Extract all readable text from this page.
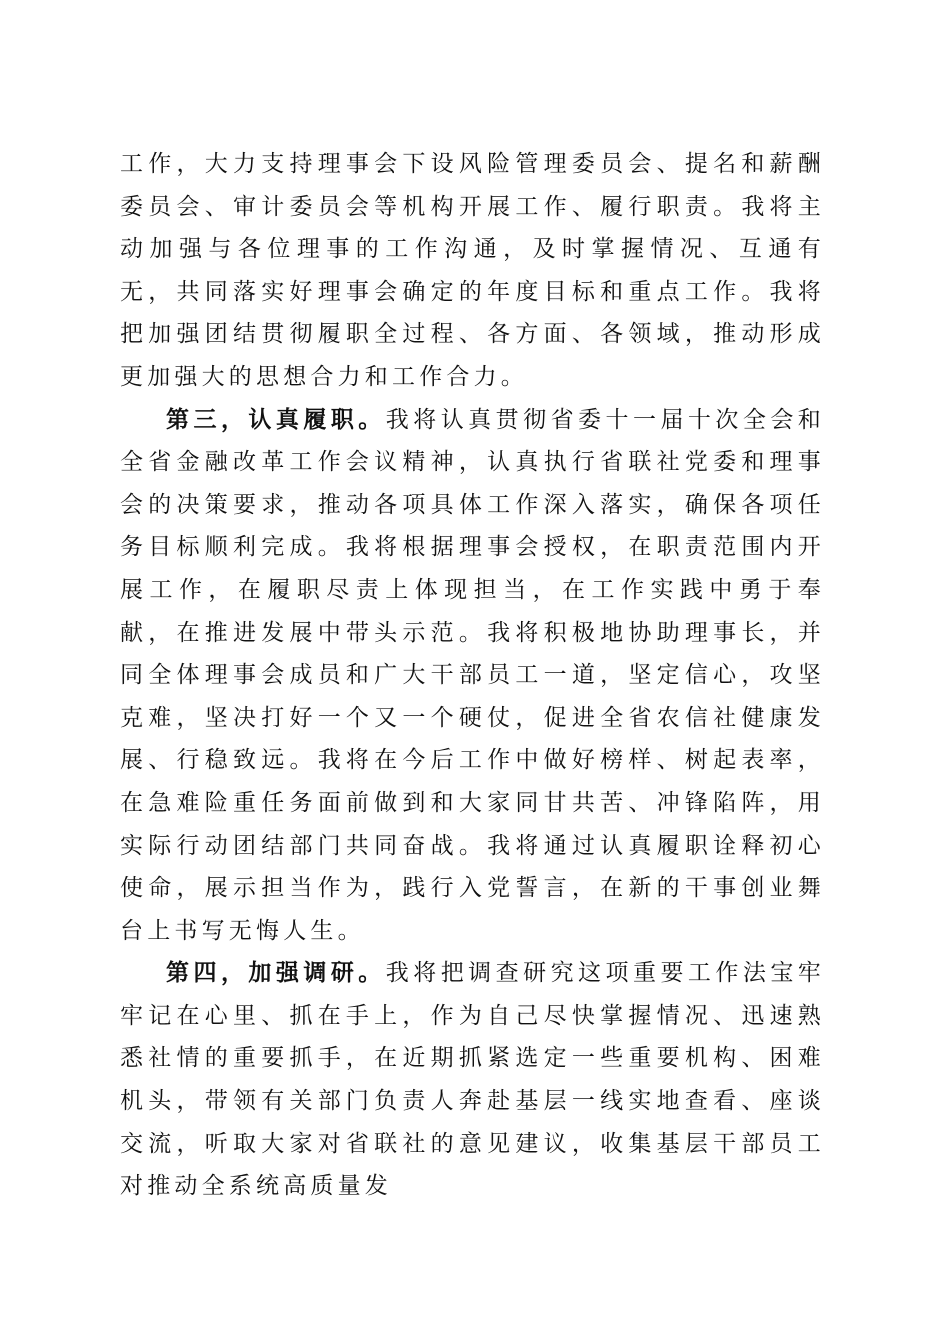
工作，大力支持理事会下设风险管理委员会、提名和薪酬委员会、审计委员会等机构开展工作、履行职责。我将主动加强与各位理事的工作沟通，及时掌握情况、互通有无，共同落实好理事会确定的年度目标和重点工作。我将把加强团结贯彻履职全过程、各方面、各领域，推动形成更加强大的思想合力和工作合力。

第三，认真履职。我将认真贯彻省委十一届十次全会和全省金融改革工作会议精神，认真执行省联社党委和理事会的决策要求，推动各项具体工作深入落实，确保各项任务目标顺利完成。我将根据理事会授权，在职责范围内开展工作，在履职尽责上体现担当，在工作实践中勇于奉献，在推进发展中带头示范。我将积极地协助理事长，并同全体理事会成员和广大干部员工一道，坚定信心，攻坚克难，坚决打好一个又一个硬仗，促进全省农信社健康发展、行稳致远。我将在今后工作中做好榜样、树起表率，在急难险重任务面前做到和大家同甘共苦、冲锋陷阵，用实际行动团结部门共同奋战。我将通过认真履职诠释初心使命，展示担当作为，践行入党誓言，在新的干事创业舞台上书写无悔人生。

第四，加强调研。我将把调查研究这项重要工作法宝牢牢记在心里、抓在手上，作为自己尽快掌握情况、迅速熟悉社情的重要抓手，在近期抓紧选定一些重要机构、困难机头，带领有关部门负责人奔赴基层一线实地查看、座谈交流，听取大家对省联社的意见建议，收集基层干部员工对推动全系统高质量发
